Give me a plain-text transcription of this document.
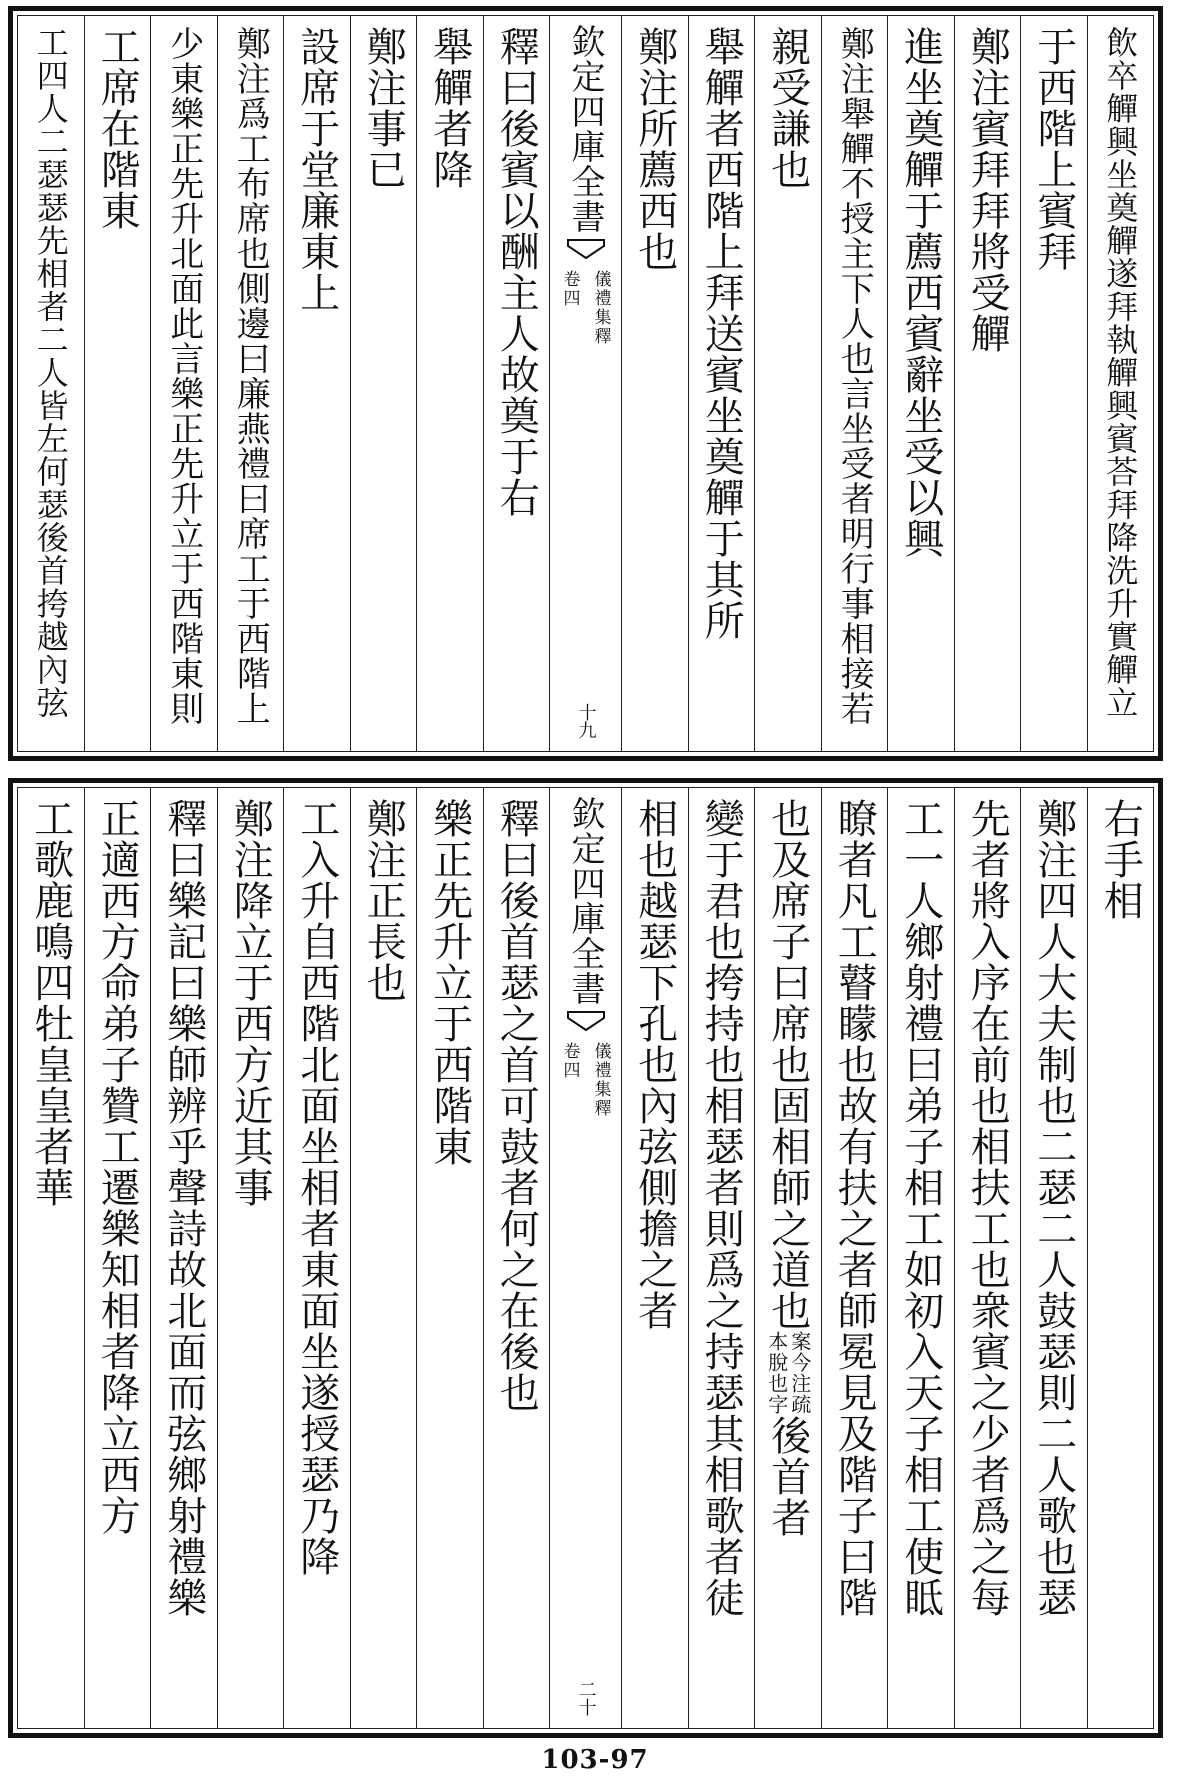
飲卒觶興坐奠觶遂拜執觶興賓荅拜降洗升實觶立
于西階上賓拜
鄭注賓拜拜將受觶
進坐奠觶于薦西賓辭坐受以興
鄭注舉觶不授主下人也言坐受者明行事相接若
親受謙也
舉觶者西階上拜送賓坐奠觶于其所
鄭注所薦西也
欽定四庫全書
儀禮集釋
卷四
十九
釋曰後賓以酬主人故奠于右
舉觶者降
鄭注事已
設席于堂廉東上
鄭注爲工布席也側邊曰廉燕禮曰席工于西階上
少東樂正先升北面此言樂正先升立于西階東則
工席在階東
工四人二瑟瑟先相者二人皆左何瑟後首挎越內弦
右手相
鄭注四人大夫制也二瑟二人鼓瑟則二人歌也瑟
先者將入序在前也相扶工也衆賓之少者爲之每
工一人鄉射禮曰弟子相工如初入天子相工使眡
瞭者凡工瞽矇也故有扶之者師冕見及階子曰階
也及席子曰席也固相師之道也
案今注疏
本脫也字
後首者
變于君也挎持也相瑟者則爲之持瑟其相歌者徒
相也越瑟下孔也內弦側擔之者
欽定四庫全書
儀禮集釋
卷四
二十
釋曰後首瑟之首可鼓者何之在後也
樂正先升立于西階東
鄭注正長也
工入升自西階北面坐相者東面坐遂授瑟乃降
鄭注降立于西方近其事
釋曰樂記曰樂師辨乎聲詩故北面而弦鄉射禮樂
正適西方命弟子贊工遷樂知相者降立西方
工歌鹿鳴四牡皇皇者華
103-97
